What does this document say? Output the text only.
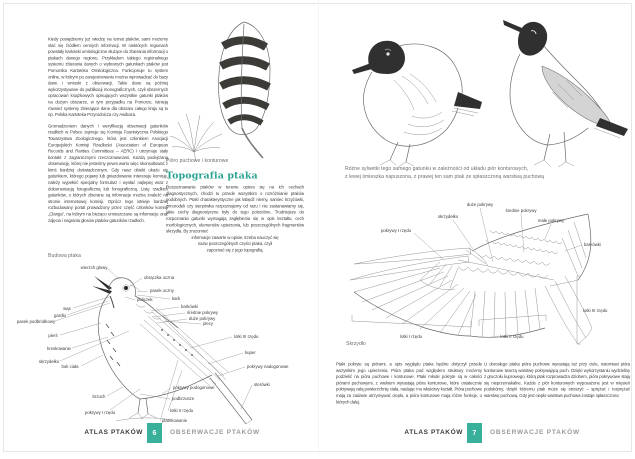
Kiedy posiądziemy już wiedzę na temat ptaków, sami możemy stać się źródłem cennych informacji. W niektórych regionach powstały kartoteki ornitologiczne służące do zbierania informacji o ptakach danego regionu. Przykładem takiego regionalnego systemu zbierania danych o wybranych gatunkach ptaków jest Pomorska Kartoteka Ornitologiczna. Funkcjonuje tu system online, w którym po zarejestrowaniu można wprowadzać do bazy dane i wnioski z obserwacji. Takie dane są później wykorzystywane do publikacji monograficznych, czyli obszernych opracowań książkowych opisujących wszystkie gatunki ptaków na dużym obszarze, w tym przypadku na Pomorzu. Istnieją również systemy zbierające dane dla obszaru całego kraju są to np. Polska Kartoteka Przyrodnicza czy Awibaza.

Gromadzeniem danych i weryfikacją obserwacji gatunków rzadkich w Polsce zajmuje się Komisja Faunistyczna Polskiego Towarzystwa Zoologicznego, która jest członkiem Asocjacji Europejskich Komisji Rzadkości (Association of European Records and Rarities Committees – AERC) i utrzymuje stały kontakt z zagranicznymi rzeczoznawcami. Każdą podejrzaną obserwację, której nie jesteśmy pewni warto więc skonsultować z kimś bardziej doświadczonym. Gdy nasz obiekt okaże się gatunkiem, którego pojawy lub gniazdowanie interesuje komisję, należy wypełnić specjalny formularz i wysłać najlepiej wraz z dokumentacją fotograficzną lub fonograficzną. Listę rzadkich gatunków, o których zbierane są informacje można znaleźć na stronie internetowej komisji. Oprócz tego istnieje bardziej rozbudowany portal prowadzony przez część członków komisji „Clanga”, na którym na bieżąco umieszczane są informacje oraz zdjęcia i nagrania głosów ptaków gatunków rzadkich.

Pióro puchowe i konturowe
Topografia ptaka
Rozpoznawanie ptaków w terenie opiera się na ich cechach diagnostycznych, chodzi tu przede wszystkim o rozróżnianie ptaków podobnych. Ptaki charakterystyczne jak łabędź niemy, samiec krzyżówki, zimorodek czy sierpówka rozpoznajemy od razu i nie zastanawiamy się, jakie cechy diagnostyczne były do tego potrzebne. Trudniejsze do rozpoznania gatunki wymagają zagłębienia się w opis kształtu, cech morfologicznych, elementów upierzenia, lub poszczególnych fragmentów skrzydła. By zrozumieć
informacje zawarte w opisie, trzeba nauczyć się
nazw poszczególnych części ptaka, czyli
zapoznać się z jego topografią.
Budowa ptaka
wierzch głowy
obrączka oczna
pasek oczny
policzek	kark
barkówki
średnie pokrywy
duże pokrywy
plecy
lotki III rzędu
kuper
pokrywy nadogonowe
sterówki
pokrywy podogonowe
podbrzusze
lotki II rzędu
plamkowanie
pokrywy I rzędu
brzuch
bok ciała
skrzydełko
kreskowanie
pierś
pasek podbródkowy
gardło
wąs
ATLAS PTAKÓW	6	OBSERWACJE PTAKÓW
Różne sylwetki tego samego gatunku w zależności od układu piór konturowych,
z lewej śmieszka napuszona, z prawej ten sam ptak ze spłaszczoną warstwą puchową
pokrywy I rzędu
skrzydełko
duże pokrywy
średnie pokrywy
małe pokrywy
barkówki
lotki I rzędu	lotki II rzędu
lotki III rzędu
Skrzydło

Ptaki pokryte są piórami, a opis wyglądu ptaka będzie dotyczył przede wszystkim jego upierzenia. Pióra ptaka pod względem struktury możemy podzielić na pióra puchowe i konturowe. Ptaki młode pokryte są w całości piórami puchowymi, z wiekiem wyrastają pióra konturowe, które ostatecznie pokrywają całą powierzchnię ciała, nadając mu właściwy kształt. Pióra puchowe mają za zadanie utrzymywać ciepło, a pióra konturowe mają różne funkcje, o których dalej.

U dorosłego ptaka pióra puchowe wyrastają tuż przy ciele, natomiast pióra konturowe tworzą warstwę pokrywającą puch. Dzięki wykorzystaniu wydzieliny z gruczołu kuprowego, którą ptak rozprowadza dziobem, pióra pokrywowe stają się nieprzemakalne. Każde z piór konturowych wyposażone jest w mięsień podskórny, dzięki któremu ptak może się stroszyć – sprężać i rozprężać warstwę puchową. Gdy jest ciepło warstwa puchowa zostaje spłaszczona

ATLAS PTAKÓW	7	OBSERWACJE PTAKÓW
